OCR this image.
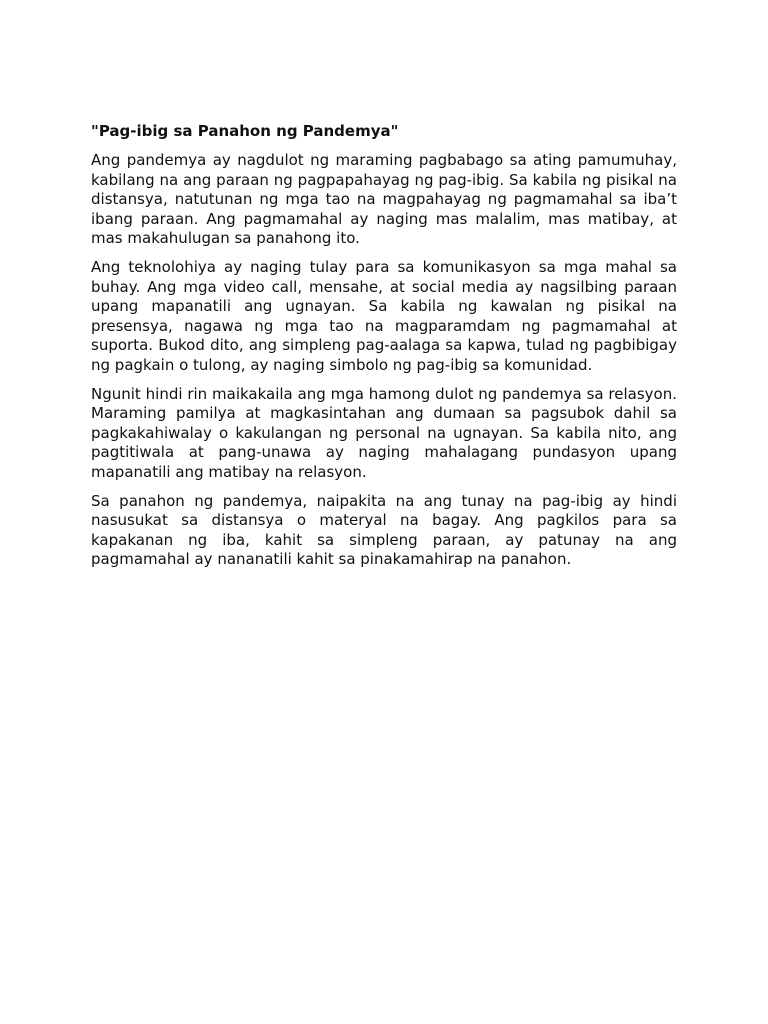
"Pag-ibig sa Panahon ng Pandemya"

Ang pandemya ay nagdulot ng maraming pagbabago sa ating pamumuhay, kabilang na ang paraan ng pagpapahayag ng pag-ibig. Sa kabila ng pisikal na distansya, natutunan ng mga tao na magpahayag ng pagmamahal sa iba’t ibang paraan. Ang pagmamahal ay naging mas malalim, mas matibay, at mas makahulugan sa panahong ito.

Ang teknolohiya ay naging tulay para sa komunikasyon sa mga mahal sa buhay. Ang mga video call, mensahe, at social media ay nagsilbing paraan upang mapanatili ang ugnayan. Sa kabila ng kawalan ng pisikal na presensya, nagawa ng mga tao na magparamdam ng pagmamahal at suporta. Bukod dito, ang simpleng pag-aalaga sa kapwa, tulad ng pagbibigay ng pagkain o tulong, ay naging simbolo ng pag-ibig sa komunidad.

Ngunit hindi rin maikakaila ang mga hamong dulot ng pandemya sa relasyon. Maraming pamilya at magkasintahan ang dumaan sa pagsubok dahil sa pagkakahiwalay o kakulangan ng personal na ugnayan. Sa kabila nito, ang pagtitiwala at pang-unawa ay naging mahalagang pundasyon upang mapanatili ang matibay na relasyon.

Sa panahon ng pandemya, naipakita na ang tunay na pag-ibig ay hindi nasusukat sa distansya o materyal na bagay. Ang pagkilos para sa kapakanan ng iba, kahit sa simpleng paraan, ay patunay na ang pagmamahal ay nananatili kahit sa pinakamahirap na panahon.
